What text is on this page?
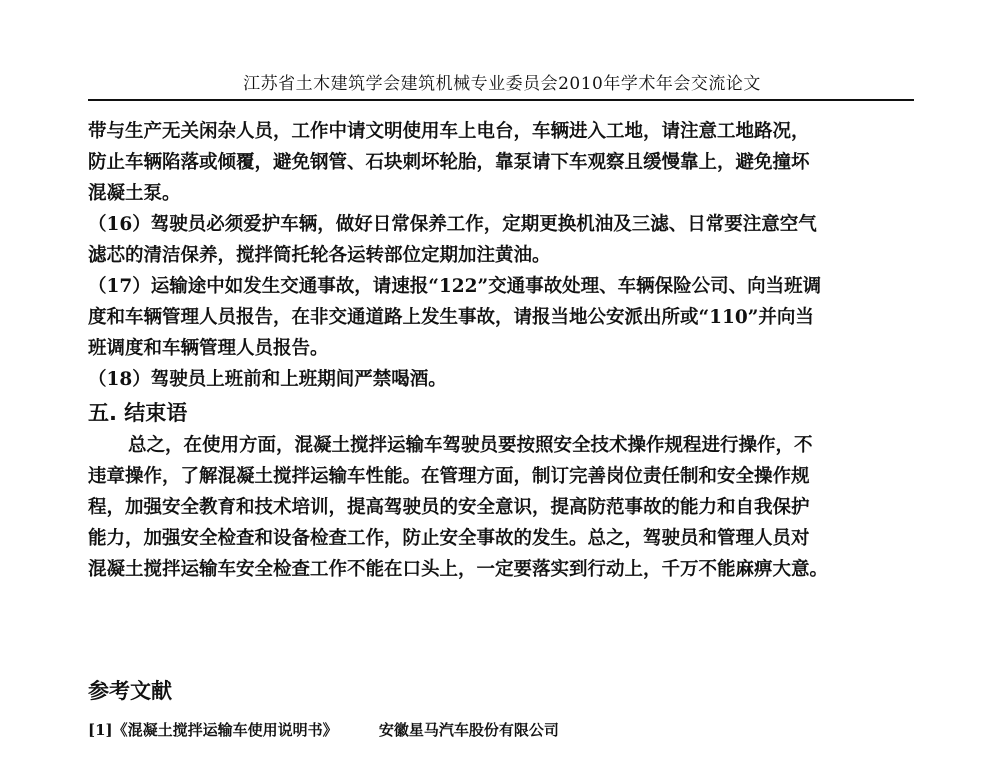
江苏省土木建筑学会建筑机械专业委员会2010年学术年会交流论文
带与生产无关闲杂人员，工作中请文明使用车上电台，车辆进入工地，请注意工地路况，
防止车辆陷落或倾覆，避免钢管、石块刺坏轮胎，靠泵请下车观察且缓慢靠上，避免撞坏
混凝土泵。
（16）驾驶员必须爱护车辆，做好日常保养工作，定期更换机油及三滤、日常要注意空气
滤芯的清洁保养，搅拌筒托轮各运转部位定期加注黄油。
（17）运输途中如发生交通事故，请速报“122”交通事故处理、车辆保险公司、向当班调
度和车辆管理人员报告，在非交通道路上发生事故，请报当地公安派出所或“110”并向当
班调度和车辆管理人员报告。
（18）驾驶员上班前和上班期间严禁喝酒。
五. 结束语
总之，在使用方面，混凝土搅拌运输车驾驶员要按照安全技术操作规程进行操作，不
违章操作，了解混凝土搅拌运输车性能。在管理方面，制订完善岗位责任制和安全操作规
程，加强安全教育和技术培训，提高驾驶员的安全意识，提高防范事故的能力和自我保护
能力，加强安全检查和设备检查工作，防止安全事故的发生。总之，驾驶员和管理人员对
混凝土搅拌运输车安全检查工作不能在口头上，一定要落实到行动上，千万不能麻痹大意。
参考文献
[1]《混凝土搅拌运输车使用说明书》	安徽星马汽车股份有限公司
